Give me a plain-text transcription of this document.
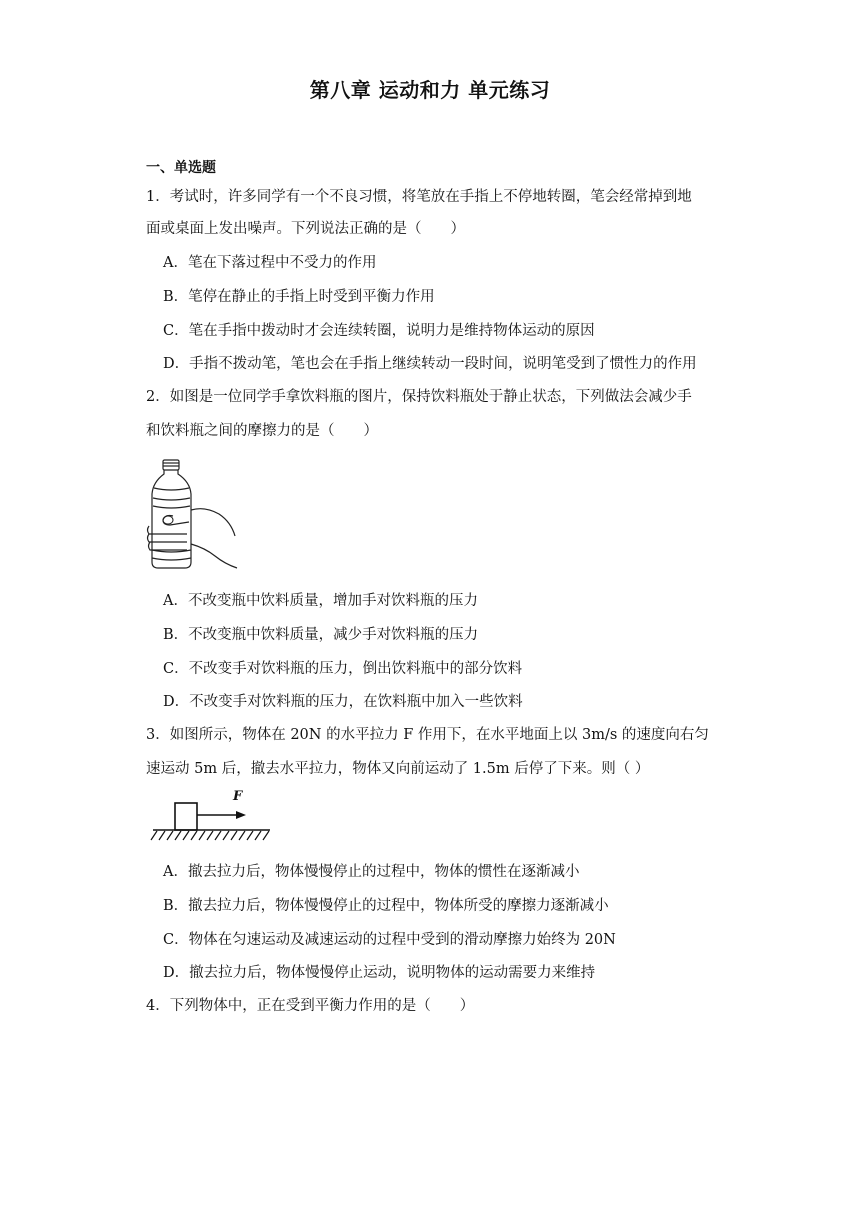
第八章 运动和力 单元练习
一、单选题
1．考试时，许多同学有一个不良习惯，将笔放在手指上不停地转圈，笔会经常掉到地
面或桌面上发出噪声。下列说法正确的是（　　）
A．笔在下落过程中不受力的作用
B．笔停在静止的手指上时受到平衡力作用
C．笔在手指中拨动时才会连续转圈，说明力是维持物体运动的原因
D．手指不拨动笔，笔也会在手指上继续转动一段时间，说明笔受到了惯性力的作用
2．如图是一位同学手拿饮料瓶的图片，保持饮料瓶处于静止状态，下列做法会减少手
和饮料瓶之间的摩擦力的是（　　）
A．不改变瓶中饮料质量，增加手对饮料瓶的压力
B．不改变瓶中饮料质量，减少手对饮料瓶的压力
C．不改变手对饮料瓶的压力，倒出饮料瓶中的部分饮料
D．不改变手对饮料瓶的压力，在饮料瓶中加入一些饮料
3．如图所示，物体在 20N 的水平拉力 F 作用下，在水平地面上以 3m/s 的速度向右匀
速运动 5m 后，撤去水平拉力，物体又向前运动了 1.5m 后停了下来。则（ ）
F
A．撤去拉力后，物体慢慢停止的过程中，物体的惯性在逐渐减小
B．撤去拉力后，物体慢慢停止的过程中，物体所受的摩擦力逐渐减小
C．物体在匀速运动及减速运动的过程中受到的滑动摩擦力始终为 20N
D．撤去拉力后，物体慢慢停止运动，说明物体的运动需要力来维持
4．下列物体中，正在受到平衡力作用的是（　　）
